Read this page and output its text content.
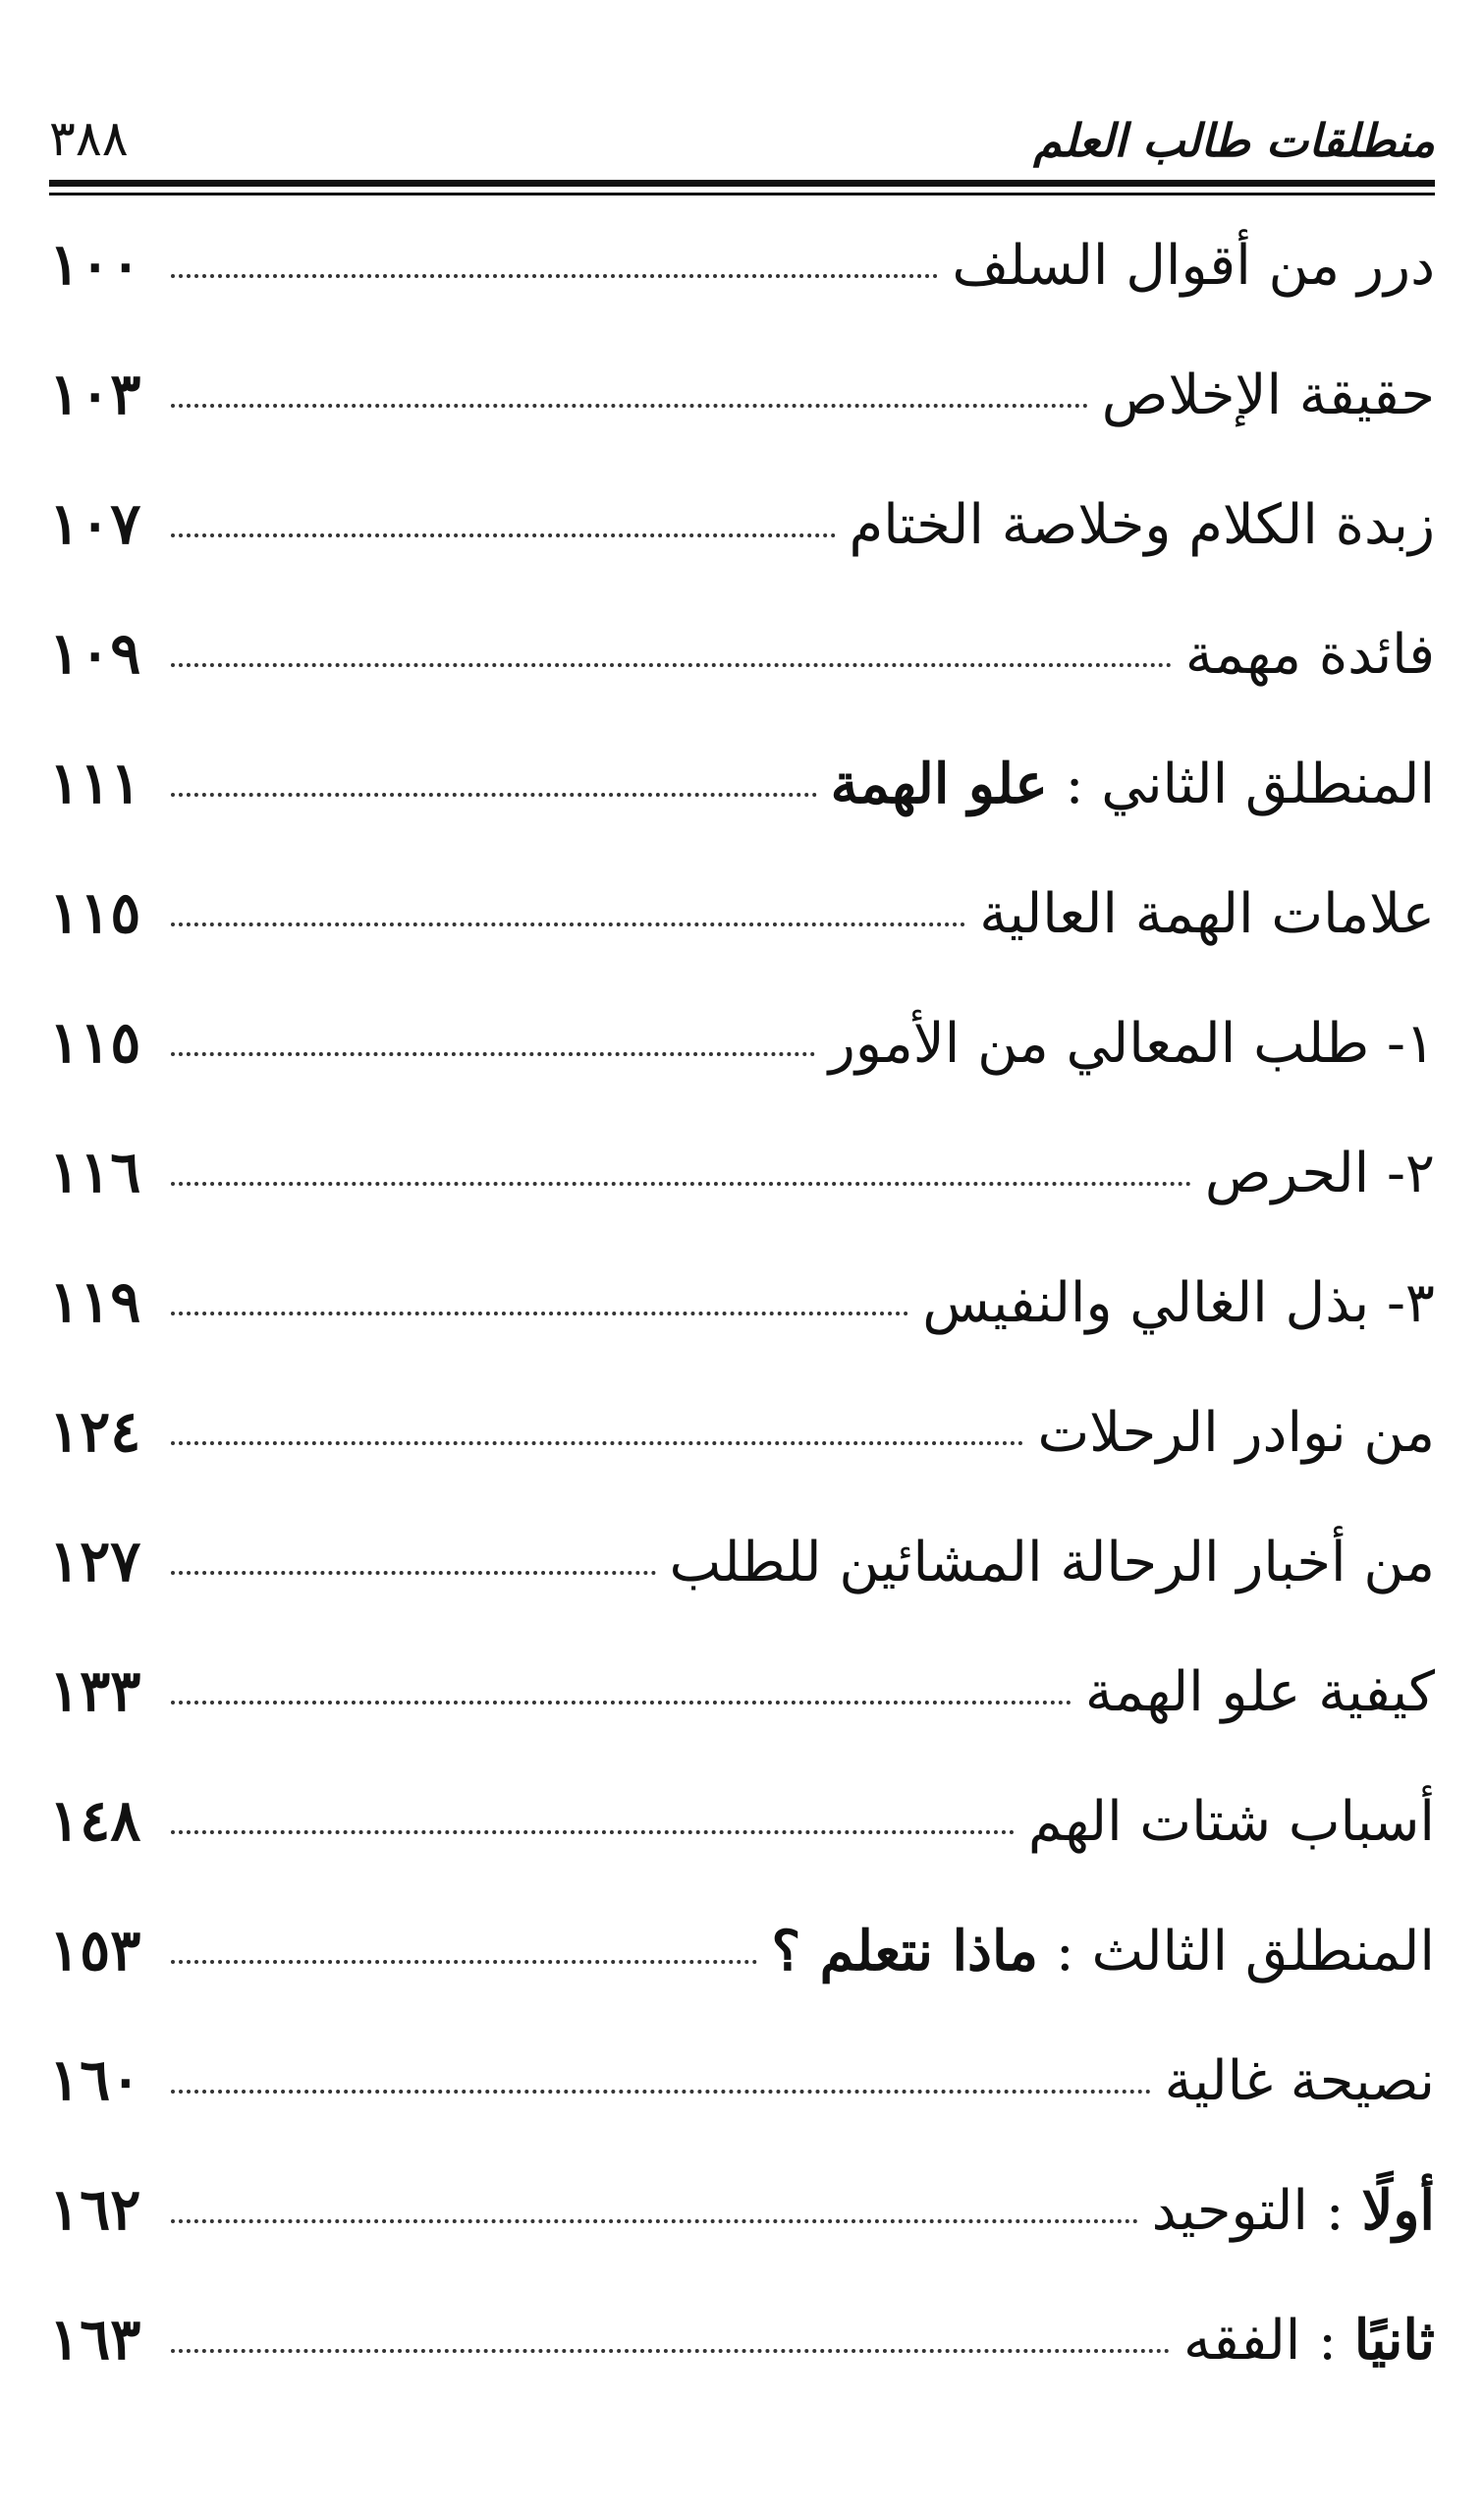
منطلقات طالب العلم
٣٨٨
درر من أقوال السلف
١٠٠
حقيقة الإخلاص
١٠٣
زبدة الكلام وخلاصة الختام
١٠٧
فائدة مهمة
١٠٩
المنطلق الثاني : علو الهمة
١١١
علامات الهمة العالية
١١٥
١- طلب المعالي من الأمور
١١٥
٢- الحرص
١١٦
٣- بذل الغالي والنفيس
١١٩
من نوادر الرحلات
١٢٤
من أخبار الرحالة المشائين للطلب
١٢٧
كيفية علو الهمة
١٣٣
أسباب شتات الهم
١٤٨
المنطلق الثالث : ماذا نتعلم ؟
١٥٣
نصيحة غالية
١٦٠
أولًا : التوحيد
١٦٢
ثانيًا : الفقه
١٦٣
